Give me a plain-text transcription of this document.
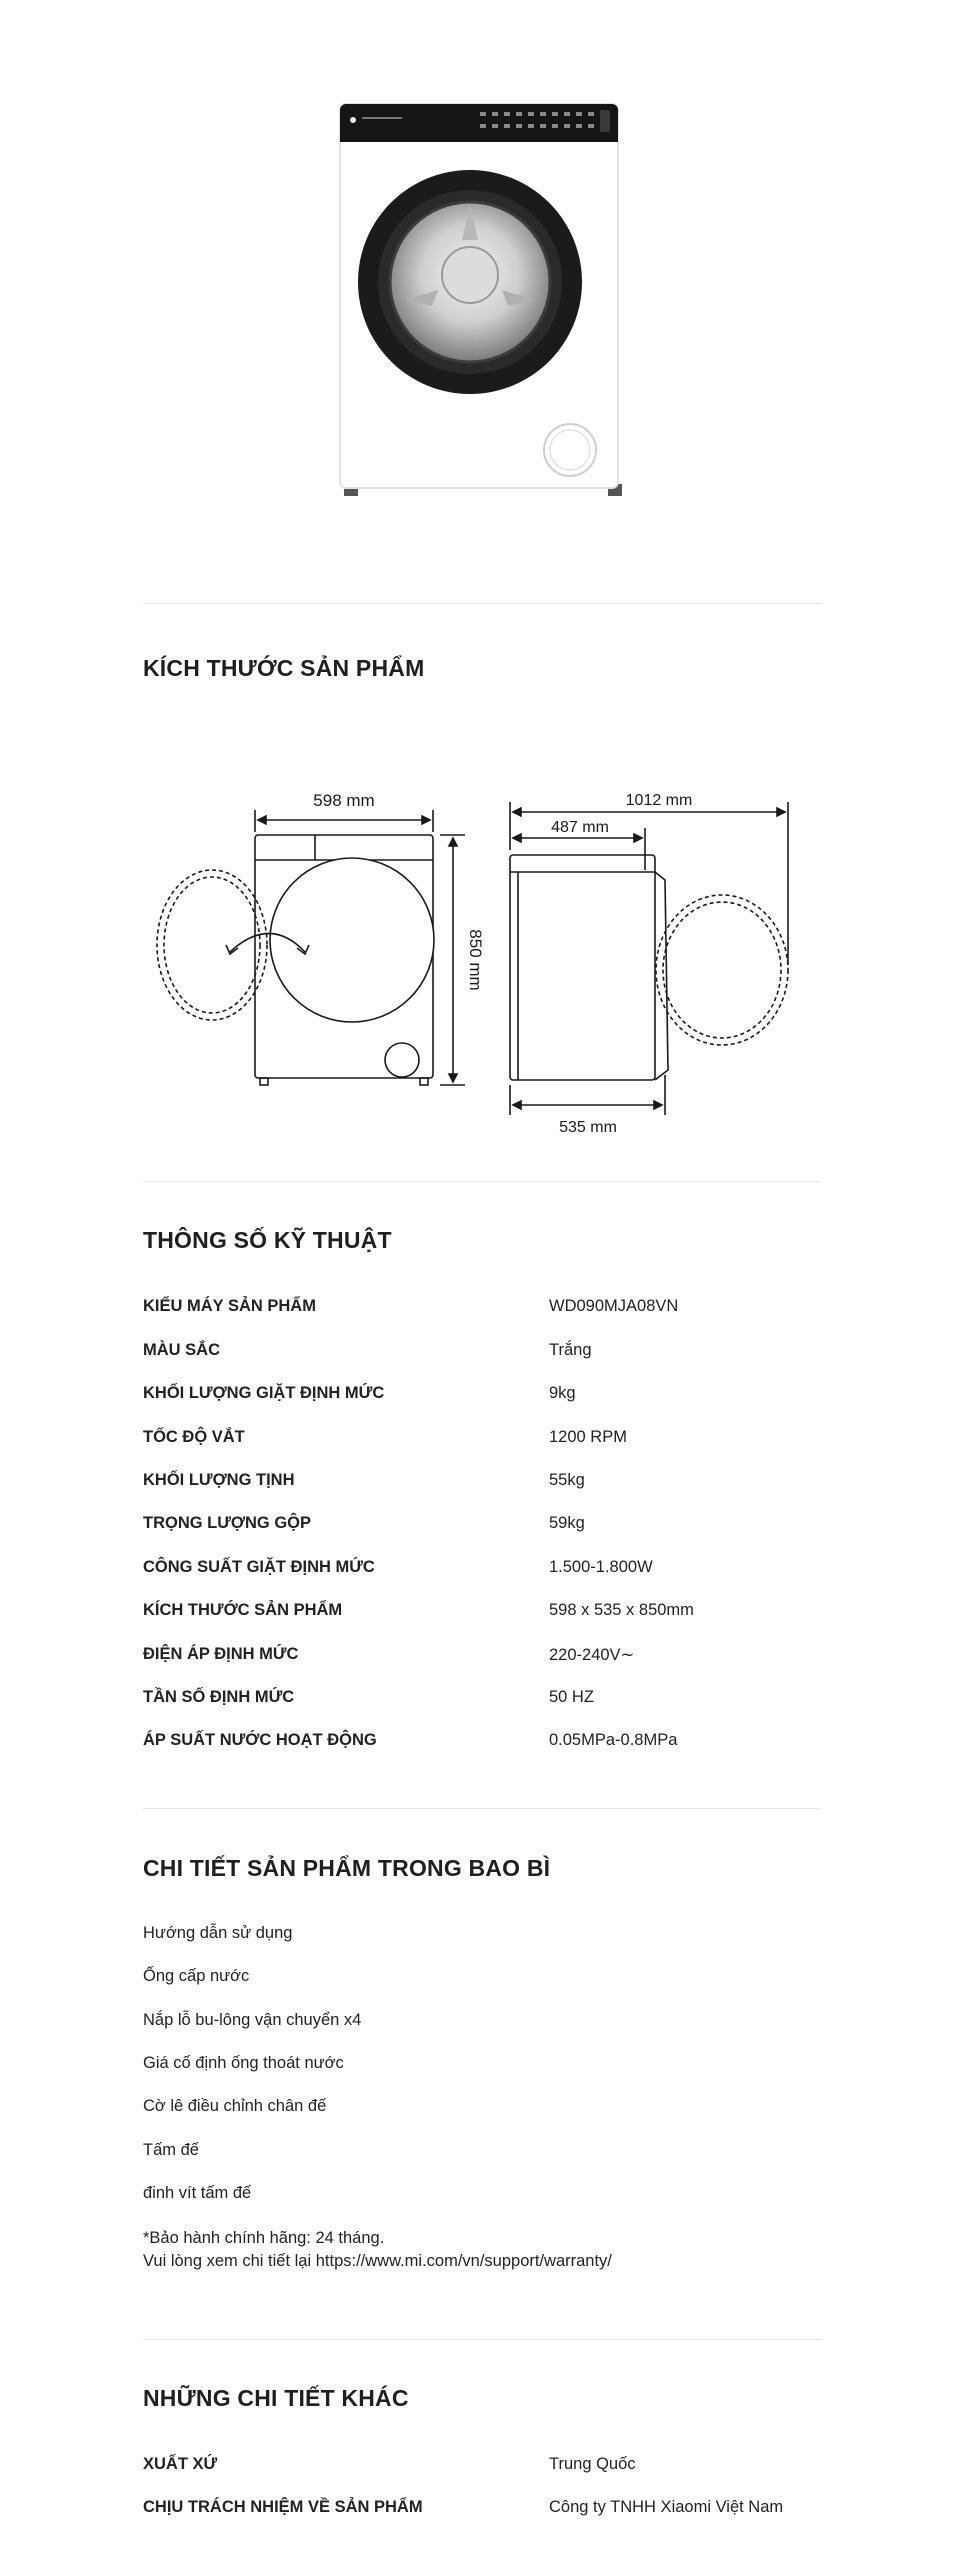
KÍCH THƯỚC SẢN PHẨM
598 mm
850 mm
1012 mm
487 mm
535 mm
THÔNG SỐ KỸ THUẬT
KIỂU MÁY SẢN PHẨM	WD090MJA08VN
MÀU SẮC	Trắng
KHỐI LƯỢNG GIẶT ĐỊNH MỨC	9kg
TỐC ĐỘ VẮT	1200 RPM
KHỐI LƯỢNG TỊNH	55kg
TRỌNG LƯỢNG GỘP	59kg
CÔNG SUẤT GIẶT ĐỊNH MỨC	1.500-1.800W
KÍCH THƯỚC SẢN PHẨM	598 x 535 x 850mm
ĐIỆN ÁP ĐỊNH MỨC	220-240V∼
TẦN SỐ ĐỊNH MỨC	50 HZ
ÁP SUẤT NƯỚC HOẠT ĐỘNG	0.05MPa-0.8MPa
CHI TIẾT SẢN PHẨM TRONG BAO BÌ
Hướng dẫn sử dụng
Ống cấp nước
Nắp lỗ bu-lông vận chuyển x4
Giá cố định ống thoát nước
Cờ lê điều chỉnh chân đế
Tấm đế
đinh vít tấm đế
*Bảo hành chính hãng: 24 tháng.
Vui lòng xem chi tiết lại https://www.mi.com/vn/support/warranty/
NHỮNG CHI TIẾT KHÁC
XUẤT XỨ	Trung Quốc
CHỊU TRÁCH NHIỆM VỀ SẢN PHẨM	Công ty TNHH Xiaomi Việt Nam
